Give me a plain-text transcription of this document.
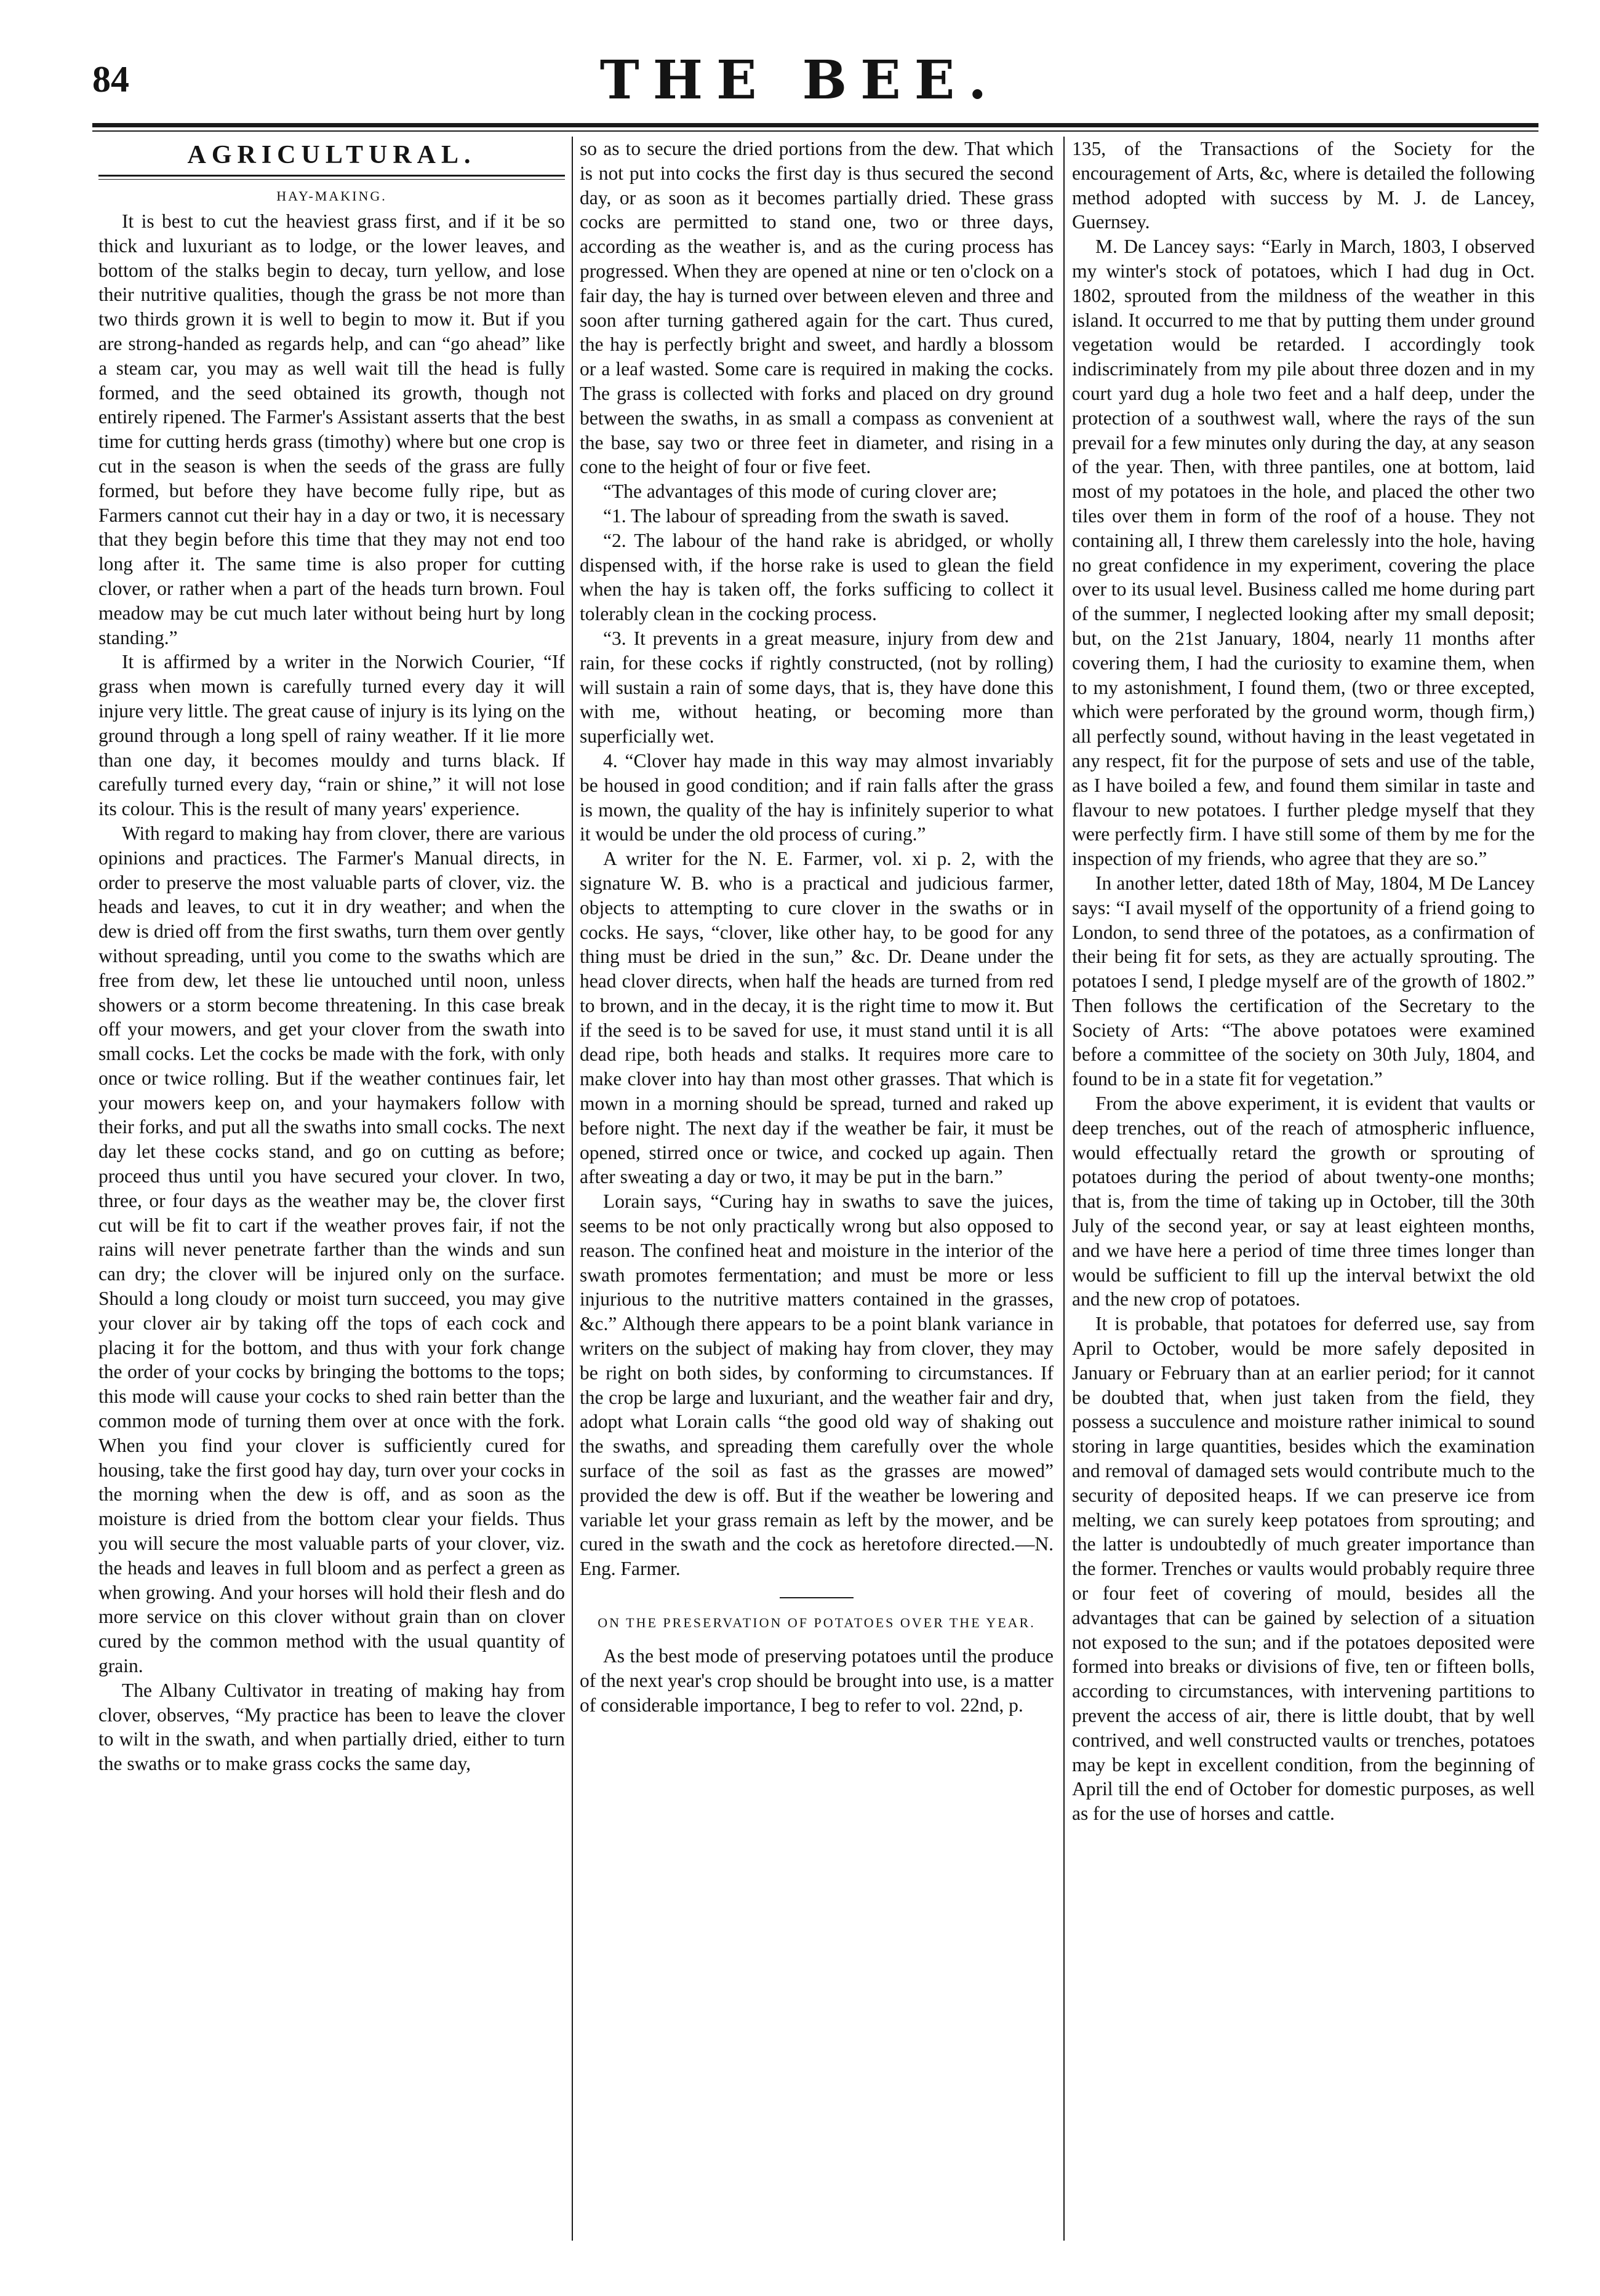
84	THE BEE.
AGRICULTURAL.
HAY-MAKING.

It is best to cut the heaviest grass first, and if it be so thick and luxuriant as to lodge, or the lower leaves, and bottom of the stalks begin to decay, turn yellow, and lose their nutritive qualities, though the grass be not more than two thirds grown it is well to begin to mow it. But if you are strong-handed as regards help, and can “go ahead” like a steam car, you may as well wait till the head is fully formed, and the seed obtained its growth, though not entirely ripened. The Farmer's Assistant asserts that the best time for cutting herds grass (timothy) where but one crop is cut in the season is when the seeds of the grass are fully formed, but before they have become fully ripe, but as Farmers cannot cut their hay in a day or two, it is necessary that they begin before this time that they may not end too long after it. The same time is also proper for cutting clover, or rather when a part of the heads turn brown. Foul meadow may be cut much later without being hurt by long standing.”

It is affirmed by a writer in the Norwich Courier, “If grass when mown is carefully turned every day it will injure very little. The great cause of injury is its lying on the ground through a long spell of rainy weather. If it lie more than one day, it becomes mouldy and turns black. If carefully turned every day, “rain or shine,” it will not lose its colour. This is the result of many years' experience.

With regard to making hay from clover, there are various opinions and practices. The Farmer's Manual directs, in order to preserve the most valuable parts of clover, viz. the heads and leaves, to cut it in dry weather; and when the dew is dried off from the first swaths, turn them over gently without spreading, until you come to the swaths which are free from dew, let these lie untouched until noon, unless showers or a storm become threatening. In this case break off your mowers, and get your clover from the swath into small cocks. Let the cocks be made with the fork, with only once or twice rolling. But if the weather continues fair, let your mowers keep on, and your haymakers follow with their forks, and put all the swaths into small cocks. The next day let these cocks stand, and go on cutting as before; proceed thus until you have secured your clover. In two, three, or four days as the weather may be, the clover first cut will be fit to cart if the weather proves fair, if not the rains will never penetrate farther than the winds and sun can dry; the clover will be injured only on the surface. Should a long cloudy or moist turn succeed, you may give your clover air by taking off the tops of each cock and placing it for the bottom, and thus with your fork change the order of your cocks by bringing the bottoms to the tops; this mode will cause your cocks to shed rain better than the common mode of turning them over at once with the fork. When you find your clover is sufficiently cured for housing, take the first good hay day, turn over your cocks in the morning when the dew is off, and as soon as the moisture is dried from the bottom clear your fields. Thus you will secure the most valuable parts of your clover, viz. the heads and leaves in full bloom and as perfect a green as when growing. And your horses will hold their flesh and do more service on this clover without grain than on clover cured by the common method with the usual quantity of grain.

The Albany Cultivator in treating of making hay from clover, observes, “My practice has been to leave the clover to wilt in the swath, and when partially dried, either to turn the swaths or to make grass cocks the same day,

so as to secure the dried portions from the dew. That which is not put into cocks the first day is thus secured the second day, or as soon as it becomes partially dried. These grass cocks are permitted to stand one, two or three days, according as the weather is, and as the curing process has progressed. When they are opened at nine or ten o'clock on a fair day, the hay is turned over between eleven and three and soon after turning gathered again for the cart. Thus cured, the hay is perfectly bright and sweet, and hardly a blossom or a leaf wasted. Some care is required in making the cocks. The grass is collected with forks and placed on dry ground between the swaths, in as small a compass as convenient at the base, say two or three feet in diameter, and rising in a cone to the height of four or five feet.

“The advantages of this mode of curing clover are;

“1. The labour of spreading from the swath is saved.

“2. The labour of the hand rake is abridged, or wholly dispensed with, if the horse rake is used to glean the field when the hay is taken off, the forks sufficing to collect it tolerably clean in the cocking process.

“3. It prevents in a great measure, injury from dew and rain, for these cocks if rightly constructed, (not by rolling) will sustain a rain of some days, that is, they have done this with me, without heating, or becoming more than superficially wet.

4. “Clover hay made in this way may almost invariably be housed in good condition; and if rain falls after the grass is mown, the quality of the hay is infinitely superior to what it would be under the old process of curing.”

A writer for the N. E. Farmer, vol. xi p. 2, with the signature W. B. who is a practical and judicious farmer, objects to attempting to cure clover in the swaths or in cocks. He says, “clover, like other hay, to be good for any thing must be dried in the sun,” &c. Dr. Deane under the head clover directs, when half the heads are turned from red to brown, and in the decay, it is the right time to mow it. But if the seed is to be saved for use, it must stand until it is all dead ripe, both heads and stalks. It requires more care to make clover into hay than most other grasses. That which is mown in a morning should be spread, turned and raked up before night. The next day if the weather be fair, it must be opened, stirred once or twice, and cocked up again. Then after sweating a day or two, it may be put in the barn.”

Lorain says, “Curing hay in swaths to save the juices, seems to be not only practically wrong but also opposed to reason. The confined heat and moisture in the interior of the swath promotes fermentation; and must be more or less injurious to the nutritive matters contained in the grasses, &c.” Although there appears to be a point blank variance in writers on the subject of making hay from clover, they may be right on both sides, by conforming to circumstances. If the crop be large and luxuriant, and the weather fair and dry, adopt what Lorain calls “the good old way of shaking out the swaths, and spreading them carefully over the whole surface of the soil as fast as the grasses are mowed” provided the dew is off. But if the weather be lowering and variable let your grass remain as left by the mower, and be cured in the swath and the cock as heretofore directed.—N. Eng. Farmer.

ON THE PRESERVATION OF POTATOES OVER THE YEAR.

As the best mode of preserving potatoes until the produce of the next year's crop should be brought into use, is a matter of considerable importance, I beg to refer to vol. 22nd, p.

135, of the Transactions of the Society for the encouragement of Arts, &c, where is detailed the following method adopted with success by M. J. de Lancey, Guernsey.

M. De Lancey says: “Early in March, 1803, I observed my winter's stock of potatoes, which I had dug in Oct. 1802, sprouted from the mildness of the weather in this island. It occurred to me that by putting them under ground vegetation would be retarded. I accordingly took indiscriminately from my pile about three dozen and in my court yard dug a hole two feet and a half deep, under the protection of a southwest wall, where the rays of the sun prevail for a few minutes only during the day, at any season of the year. Then, with three pantiles, one at bottom, laid most of my potatoes in the hole, and placed the other two tiles over them in form of the roof of a house. They not containing all, I threw them carelessly into the hole, having no great confidence in my experiment, covering the place over to its usual level. Business called me home during part of the summer, I neglected looking after my small deposit; but, on the 21st January, 1804, nearly 11 months after covering them, I had the curiosity to examine them, when to my astonishment, I found them, (two or three excepted, which were perforated by the ground worm, though firm,) all perfectly sound, without having in the least vegetated in any respect, fit for the purpose of sets and use of the table, as I have boiled a few, and found them similar in taste and flavour to new potatoes. I further pledge myself that they were perfectly firm. I have still some of them by me for the inspection of my friends, who agree that they are so.”

In another letter, dated 18th of May, 1804, M De Lancey says: “I avail myself of the opportunity of a friend going to London, to send three of the potatoes, as a confirmation of their being fit for sets, as they are actually sprouting. The potatoes I send, I pledge myself are of the growth of 1802.” Then follows the certification of the Secretary to the Society of Arts: “The above potatoes were examined before a committee of the society on 30th July, 1804, and found to be in a state fit for vegetation.”

From the above experiment, it is evident that vaults or deep trenches, out of the reach of atmospheric influence, would effectually retard the growth or sprouting of potatoes during the period of about twenty-one months; that is, from the time of taking up in October, till the 30th July of the second year, or say at least eighteen months, and we have here a period of time three times longer than would be sufficient to fill up the interval betwixt the old and the new crop of potatoes.

It is probable, that potatoes for deferred use, say from April to October, would be more safely deposited in January or February than at an earlier period; for it cannot be doubted that, when just taken from the field, they possess a succulence and moisture rather inimical to sound storing in large quantities, besides which the examination and removal of damaged sets would contribute much to the security of deposited heaps. If we can preserve ice from melting, we can surely keep potatoes from sprouting; and the latter is undoubtedly of much greater importance than the former. Trenches or vaults would probably require three or four feet of covering of mould, besides all the advantages that can be gained by selection of a situation not exposed to the sun; and if the potatoes deposited were formed into breaks or divisions of five, ten or fifteen bolls, according to circumstances, with intervening partitions to prevent the access of air, there is little doubt, that by well contrived, and well constructed vaults or trenches, potatoes may be kept in excellent condition, from the beginning of April till the end of October for domestic purposes, as well as for the use of horses and cattle.
